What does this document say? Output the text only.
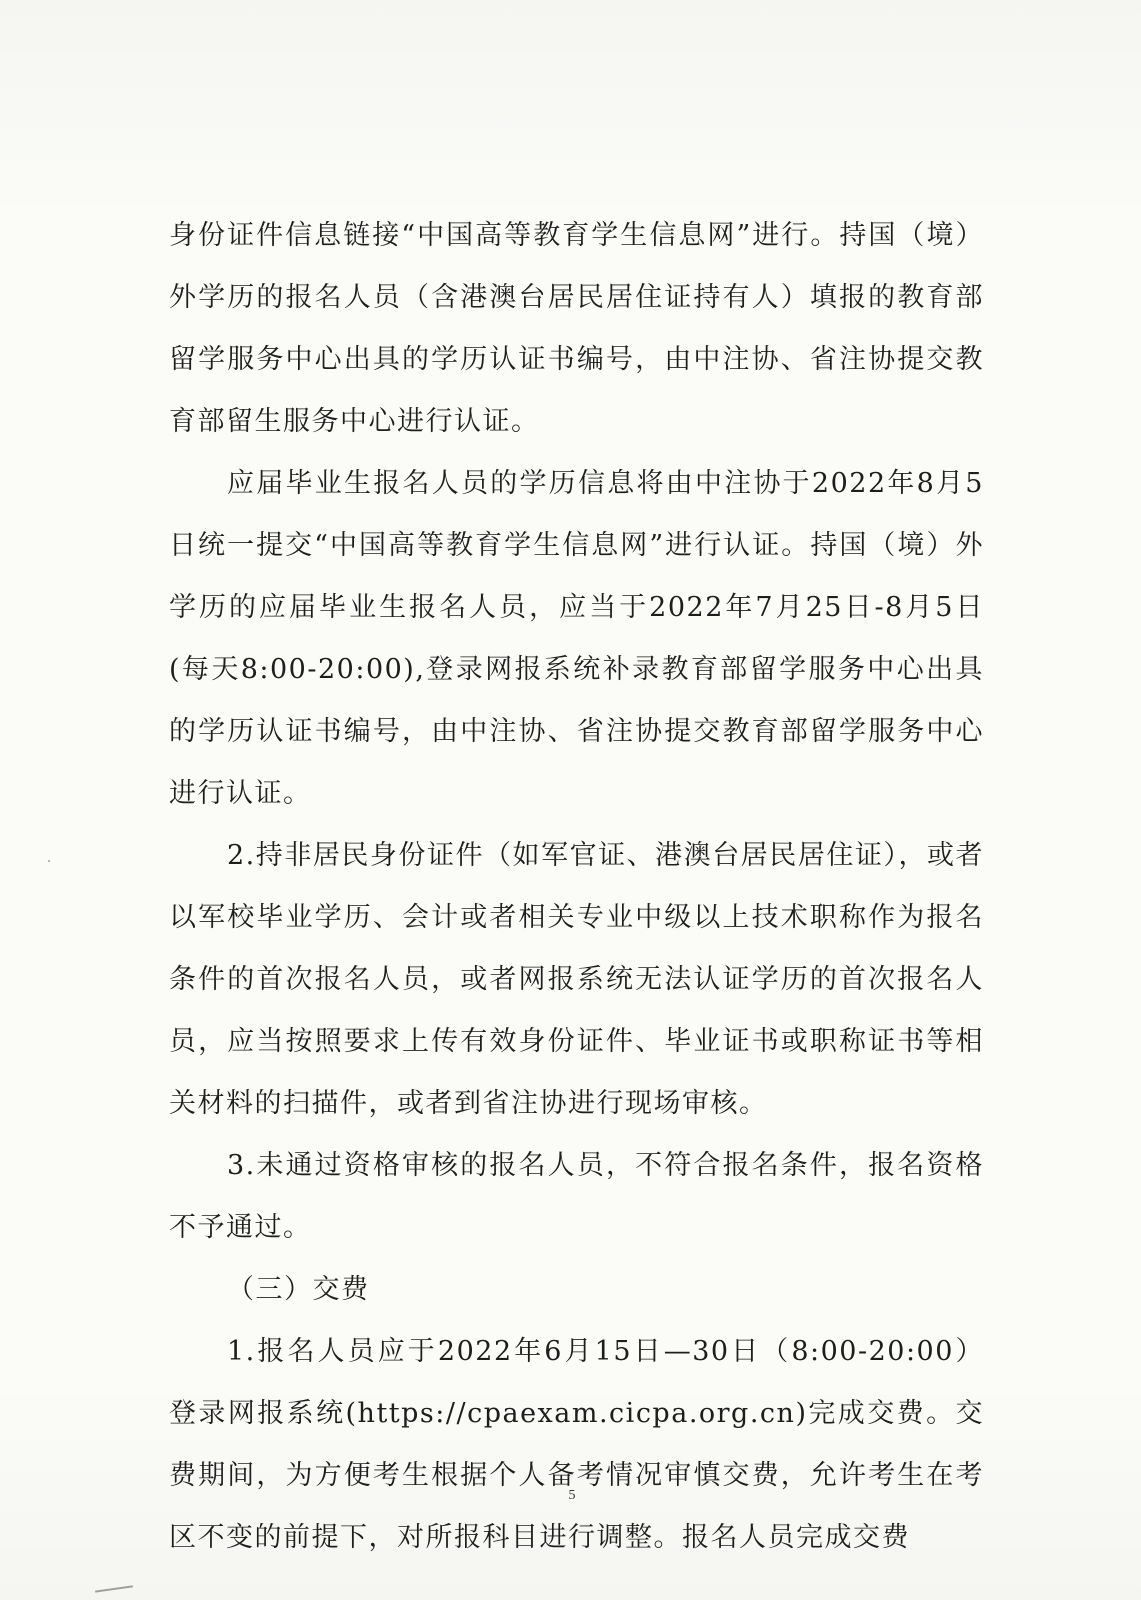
身份证件信息链接“中国高等教育学生信息网”进行。持国（境）外学历的报名人员（含港澳台居民居住证持有人）填报的教育部留学服务中心出具的学历认证书编号，由中注协、省注协提交教育部留生服务中心进行认证。

应届毕业生报名人员的学历信息将由中注协于2022年8月5日统一提交“中国高等教育学生信息网”进行认证。持国（境）外学历的应届毕业生报名人员，应当于2022年7月25日-8月5日(每天8:00-20:00),登录网报系统补录教育部留学服务中心出具的学历认证书编号，由中注协、省注协提交教育部留学服务中心进行认证。

2.持非居民身份证件（如军官证、港澳台居民居住证），或者以军校毕业学历、会计或者相关专业中级以上技术职称作为报名条件的首次报名人员，或者网报系统无法认证学历的首次报名人员，应当按照要求上传有效身份证件、毕业证书或职称证书等相关材料的扫描件，或者到省注协进行现场审核。

3.未通过资格审核的报名人员，不符合报名条件，报名资格不予通过。

（三）交费

1.报名人员应于2022年6月15日—30日（8:00-20:00）登录网报系统(https://cpaexam.cicpa.org.cn)完成交费。交费期间，为方便考生根据个人备考情况审慎交费，允许考生在考区不变的前提下，对所报科目进行调整。报名人员完成交费

5
